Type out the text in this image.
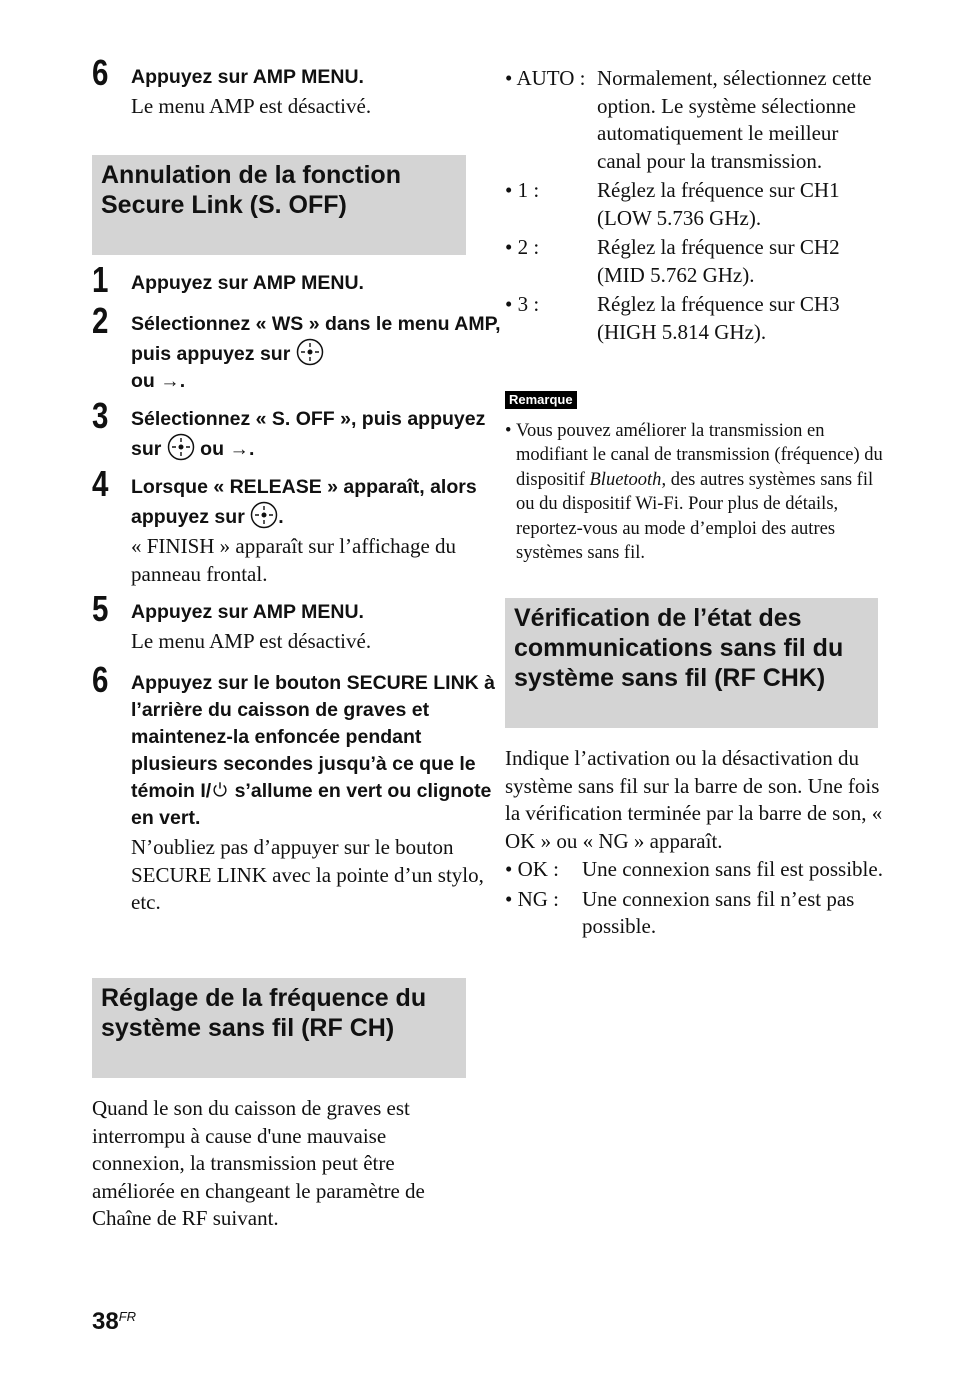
6 Appuyez sur AMP MENU.
Le menu AMP est désactivé.
Annulation de la fonction Secure Link (S. OFF)
1 Appuyez sur AMP MENU.
2 Sélectionnez « WS » dans le menu AMP, puis appuyez sur
ou →.
3 Sélectionnez « S. OFF », puis appuyez sur  ou →.
4 Lorsque « RELEASE » apparaît, alors appuyez sur .
« FINISH » apparaît sur l’affichage du panneau frontal.
5 Appuyez sur AMP MENU.
Le menu AMP est désactivé.
6 Appuyez sur le bouton SECURE LINK à l’arrière du caisson de graves et maintenez-la enfoncée pendant plusieurs secondes jusqu’à ce que le témoin I/ s’allume en vert ou clignote en vert.
N’oubliez pas d’appuyer sur le bouton SECURE LINK avec la pointe d’un stylo, etc.
Réglage de la fréquence du système sans fil (RF CH)
Quand le son du caisson de graves est interrompu à cause d'une mauvaise connexion, la transmission peut être améliorée en changeant le paramètre de Chaîne de RF suivant.
• AUTO : Normalement, sélectionnez cette option. Le système sélectionne automatiquement le meilleur canal pour la transmission.
• 1 :	Réglez la fréquence sur CH1 (LOW 5.736 GHz).
• 2 :	Réglez la fréquence sur CH2 (MID 5.762 GHz).
• 3 :	Réglez la fréquence sur CH3 (HIGH 5.814 GHz).
Remarque
• Vous pouvez améliorer la transmission en modifiant le canal de transmission (fréquence) du dispositif Bluetooth, des autres systèmes sans fil ou du dispositif Wi-Fi. Pour plus de détails, reportez-vous au mode d’emploi des autres systèmes sans fil.
Vérification de l’état des communications sans fil du système sans fil (RF CHK)
Indique l’activation ou la désactivation du système sans fil sur la barre de son. Une fois la vérification terminée par la barre de son, « OK » ou « NG » apparaît.
• OK : Une connexion sans fil est possible.
• NG : Une connexion sans fil n’est pas possible.
$38^{FR}$
